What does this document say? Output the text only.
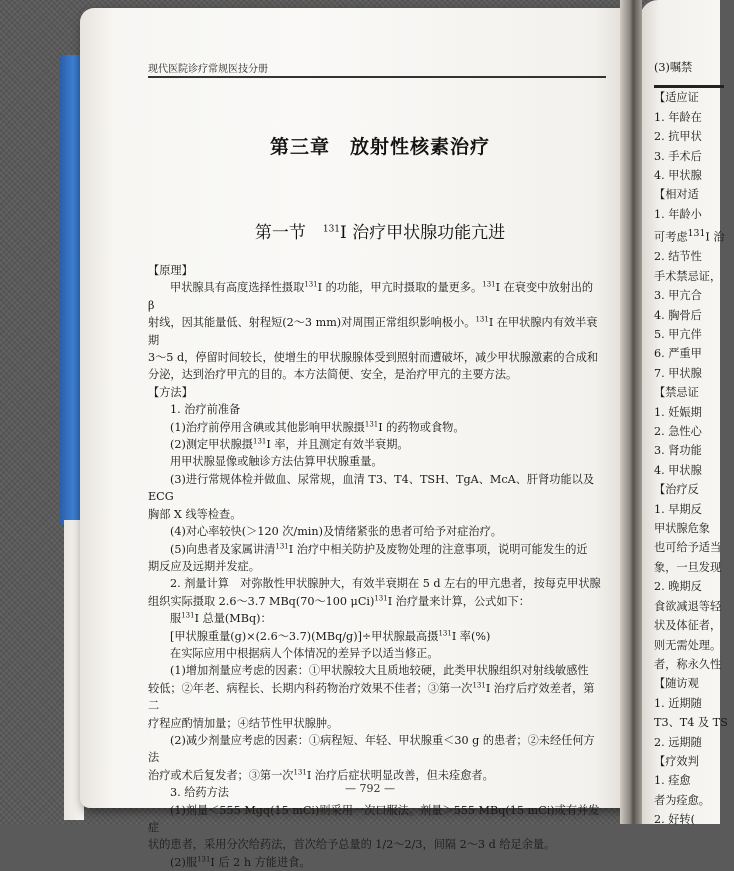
(3)嘱禁
【适应证
1. 年龄在
2. 抗甲状
3. 手术后
4. 甲状腺
【相对适
1. 年龄小
可考虑$^{131}$I 治
2. 结节性
手术禁忌证，
3. 甲亢合
4. 胸骨后
5. 甲亢伴
6. 严重甲
7. 甲状腺
【禁忌证
1. 妊娠期
2. 急性心
3. 肾功能
4. 甲状腺
【治疗反
1. 早期反
甲状腺危象
也可给予适当
象，一旦发现
2. 晚期反
食欲减退等轻
状及体征者，
则无需处理。
者，称永久性
【随访观
1. 近期随
T3、T4 及 TS
2. 远期随
【疗效判
1. 痊愈
者为痊愈。
2. 好转(
现代医院诊疗常规医技分册
第三章　放射性核素治疗
第一节　$^{131}$I 治疗甲状腺功能亢进

【原理】

甲状腺具有高度选择性摄取$^{131}$I 的功能，甲亢时摄取的量更多。$^{131}$I 在衰变中放射出的 β

射线，因其能量低、射程短(2～3 mm)对周围正常组织影响极小。$^{131}$I 在甲状腺内有效半衰期

3～5 d，停留时间较长，使增生的甲状腺腺体受到照射而遭破坏，减少甲状腺激素的合成和

分泌，达到治疗甲亢的目的。本方法简便、安全，是治疗甲亢的主要方法。

【方法】

1. 治疗前准备

(1)治疗前停用含碘或其他影响甲状腺摄$^{131}$I 的药物或食物。

(2)测定甲状腺摄$^{131}$I 率，并且测定有效半衰期。

用甲状腺显像或触诊方法估算甲状腺重量。

(3)进行常规体检并做血、尿常规，血清 T3、T4、TSH、TgA、McA、肝肾功能以及 ECG

胸部 X 线等检查。

(4)对心率较快(＞120 次/min)及情绪紧张的患者可给予对症治疗。

(5)向患者及家属讲清$^{131}$I 治疗中相关防护及废物处理的注意事项，说明可能发生的近

期反应及远期并发症。

2. 剂量计算　对弥散性甲状腺肿大，有效半衰期在 5 d 左右的甲亢患者，按每克甲状腺

组织实际摄取 2.6～3.7 MBq(70～100 μCi)$^{131}$I 治疗量来计算，公式如下：

服$^{131}$I 总量(MBq)：

[甲状腺重量(g)×(2.6～3.7)(MBq/g)]÷甲状腺最高摄$^{131}$I 率(%)

在实际应用中根据病人个体情况的差异予以适当修正。

(1)增加剂量应考虑的因素：①甲状腺较大且质地较硬，此类甲状腺组织对射线敏感性

较低；②年老、病程长、长期内科药物治疗效果不佳者；③第一次$^{131}$I 治疗后疗效差者，第二

疗程应酌情加量；④结节性甲状腺肿。

(2)减少剂量应考虑的因素：①病程短、年轻、甲状腺重＜30 g 的患者；②未经任何方法

治疗或术后复发者；③第一次$^{131}$I 治疗后症状明显改善，但未痊愈者。

3. 给药方法

(1)剂量＜555 Mgq(15 mCi)则采用一次口服法。剂量＞555 MBq(15 mCi)或有并发症

状的患者，采用分次给药法，首次给予总量的 1/2～2/3，间隔 2～3 d 给足余量。

(2)服$^{131}$I 后 2 h 方能进食。

— 792 —
